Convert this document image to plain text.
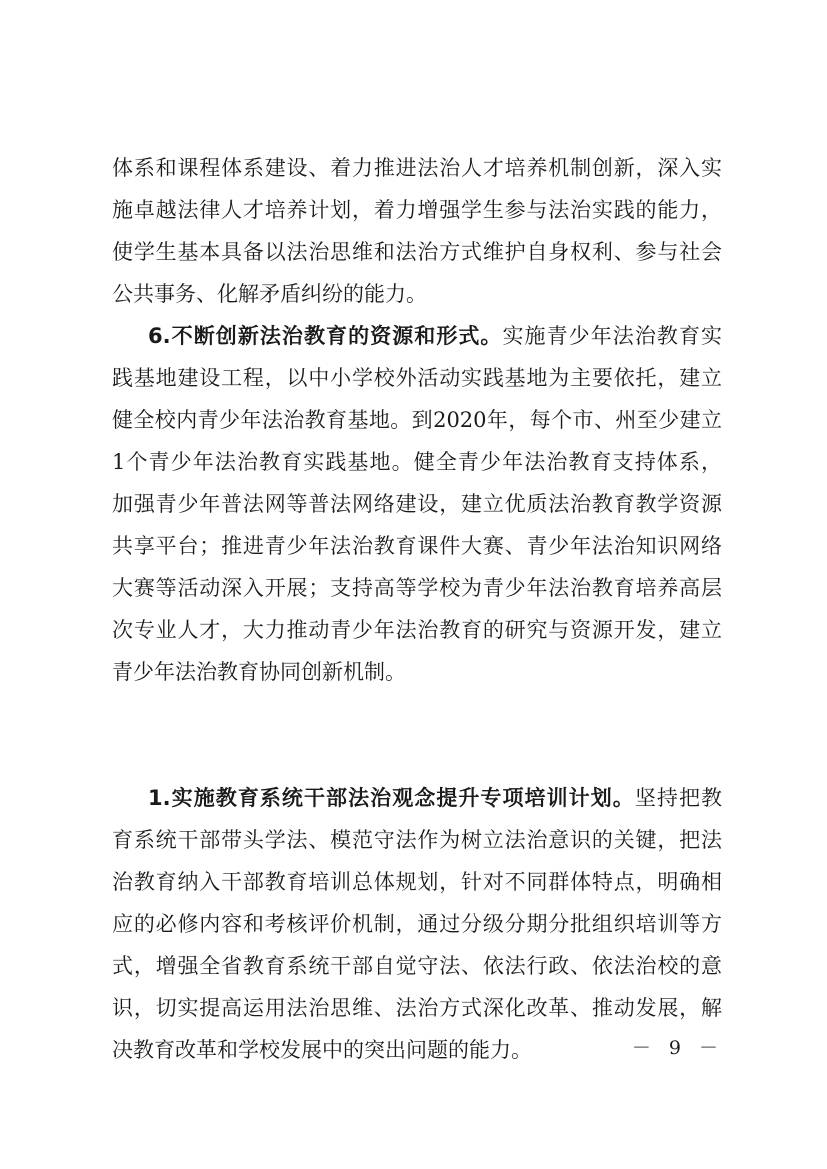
体系和课程体系建设、着力推进法治人才培养机制创新，深入实
施卓越法律人才培养计划，着力增强学生参与法治实践的能力，
使学生基本具备以法治思维和法治方式维护自身权利、参与社会
公共事务、化解矛盾纠纷的能力。
6.不断创新法治教育的资源和形式。实施青少年法治教育实
践基地建设工程，以中小学校外活动实践基地为主要依托，建立
健全校内青少年法治教育基地。到2020年，每个市、州至少建立
1个青少年法治教育实践基地。健全青少年法治教育支持体系，
加强青少年普法网等普法网络建设，建立优质法治教育教学资源
共享平台；推进青少年法治教育课件大赛、青少年法治知识网络
大赛等活动深入开展；支持高等学校为青少年法治教育培养高层
次专业人才，大力推动青少年法治教育的研究与资源开发，建立
青少年法治教育协同创新机制。
1.实施教育系统干部法治观念提升专项培训计划。坚持把教
育系统干部带头学法、模范守法作为树立法治意识的关键，把法
治教育纳入干部教育培训总体规划，针对不同群体特点，明确相
应的必修内容和考核评价机制，通过分级分期分批组织培训等方
式，增强全省教育系统干部自觉守法、依法行政、依法治校的意
识，切实提高运用法治思维、法治方式深化改革、推动发展，解
决教育改革和学校发展中的突出问题的能力。	－ 9 －
